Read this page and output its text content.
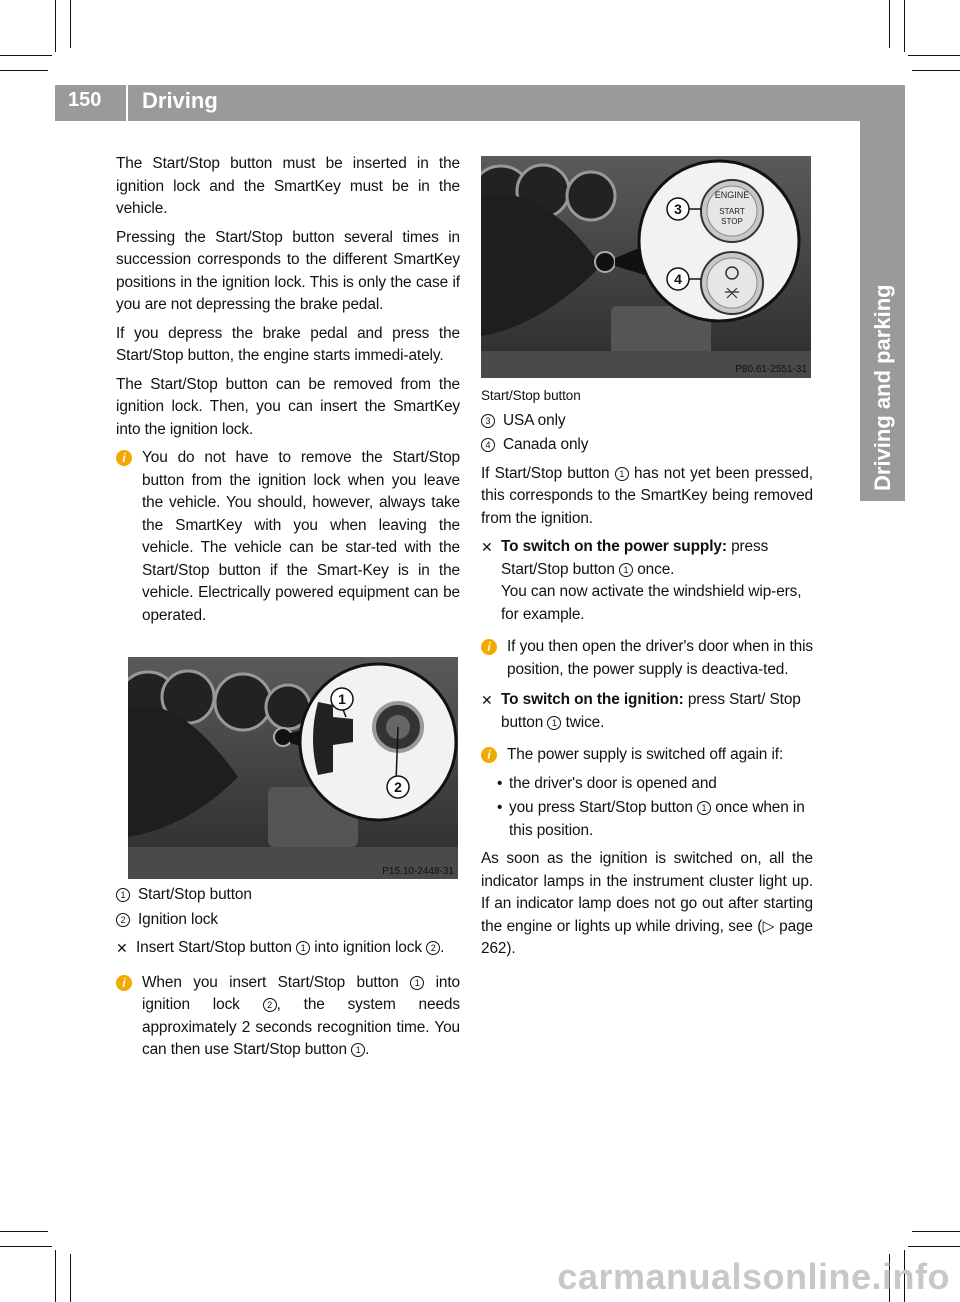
150 Driving
Driving and parking

The Start/Stop button must be inserted in the ignition lock and the SmartKey must be in the vehicle.

Pressing the Start/Stop button several times in succession corresponds to the different SmartKey positions in the ignition lock. This is only the case if you are not depressing the brake pedal.

If you depress the brake pedal and press the Start/Stop button, the engine starts immedi-ately.

The Start/Stop button can be removed from the ignition lock. Then, you can insert the SmartKey into the ignition lock.

i	You do not have to remove the Start/Stop button from the ignition lock when you leave the vehicle. You should, however, always take the SmartKey with you when leaving the vehicle. The vehicle can be star-ted with the Start/Stop button if the Smart-Key is in the vehicle. Electrically powered equipment can be operated.
1
2
P15.10-2448-31
1 Start/Stop button
2 Ignition lock
✕ Insert Start/Stop button 1 into ignition lock 2 .
i	When you insert Start/Stop button 1 into ignition lock	2 , the system needs approximately 2 seconds recognition time. You can then use Start/Stop button 1 .
ENGINE
START
STOP
3
4
P80.61-2551-31
Start/Stop button
3 USA only
4 Canada only

If Start/Stop button 1 has not yet been pressed, this corresponds to the SmartKey being removed from the ignition.

✕ To switch on the power supply: press Start/Stop button 1 once.
You can now activate the windshield wip-ers, for example.
i	If you then open the driver's door when in this position, the power supply is deactiva-ted.
✕ To switch on the ignition: press Start/ Stop button 1 twice.
i	The power supply is switched off again if:
• the driver's door is opened and
• you press Start/Stop button 1 once when in this position.

As soon as the ignition is switched on, all the indicator lamps in the instrument cluster light up. If an indicator lamp does not go out after starting the engine or lights up while driving, see (▷ page 262).

carmanualsonline.info
